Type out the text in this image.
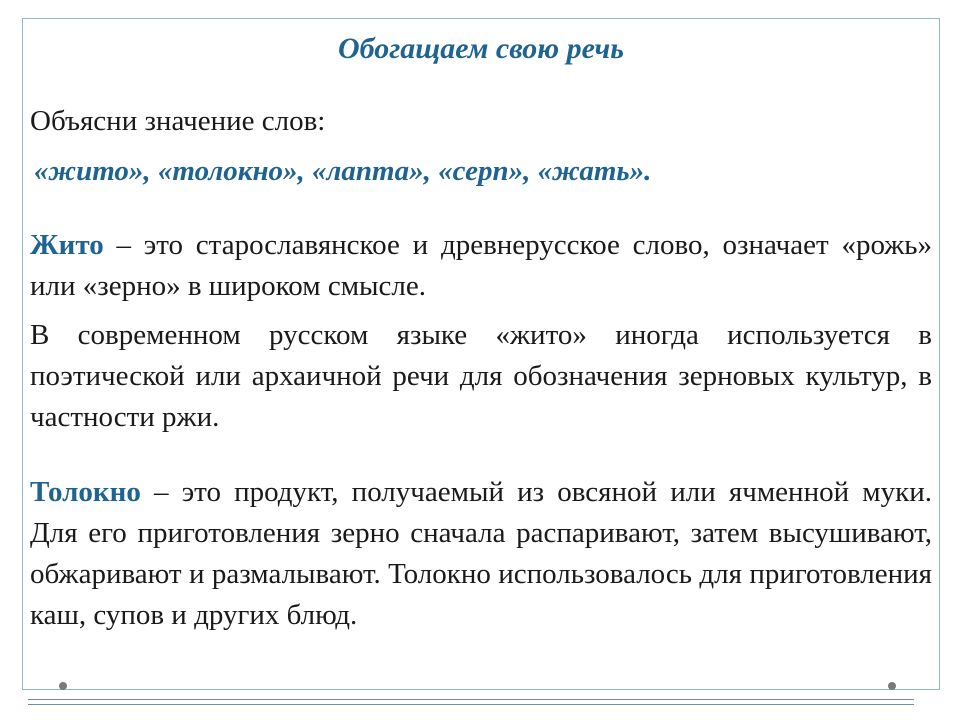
Обогащаем свою речь
Объясни значение слов:
«жито», «толокно», «лапта», «серп», «жать».
Жито – это старославянское и древнерусское слово, означает «рожь» или «зерно» в широком смысле.
В современном русском языке «жито» иногда используется в поэтической или архаичной речи для обозначения зерновых культур, в частности ржи.
Толокно – это продукт, получаемый из овсяной или ячменной муки. Для его приготовления зерно сначала распаривают, затем высушивают, обжаривают и размалывают. Толокно использовалось для приготовления каш, супов и других блюд.
